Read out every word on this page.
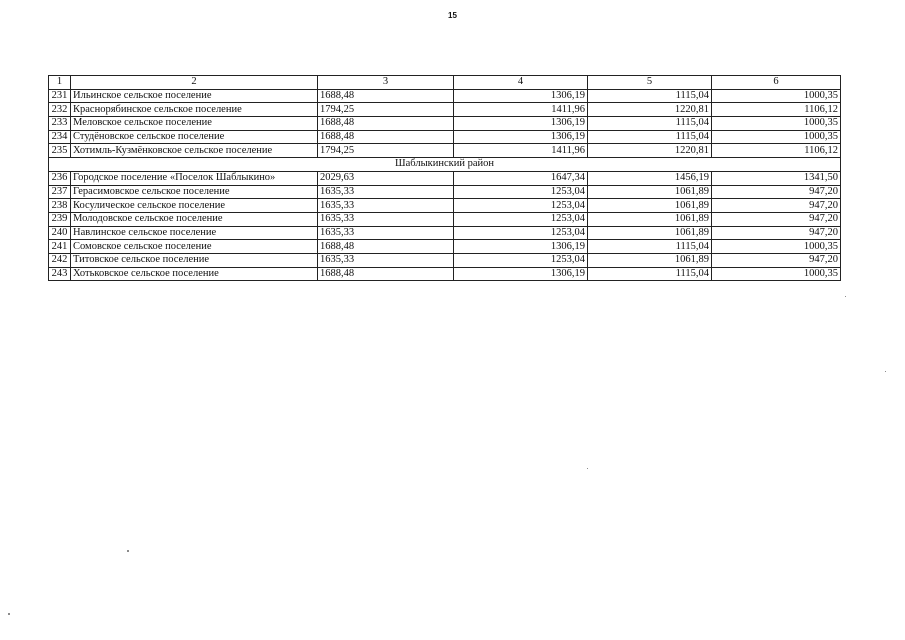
15
1	2	3	4	5	6
231	Ильинское сельское поселение	1688,48	1306,19	1115,04	1000,35
232	Краснорябинское сельское поселение	1794,25	1411,96	1220,81	1106,12
233	Меловское сельское поселение	1688,48	1306,19	1115,04	1000,35
234	Студёновское сельское поселение	1688,48	1306,19	1115,04	1000,35
235	Хотимль-Кузмёнковское сельское поселение	1794,25	1411,96	1220,81	1106,12
Шаблыкинский район					
236	Городское поселение «Поселок Шаблыкино»	2029,63	1647,34	1456,19	1341,50
237	Герасимовское сельское поселение	1635,33	1253,04	1061,89	947,20
238	Косулическое сельское поселение	1635,33	1253,04	1061,89	947,20
239	Молодовское сельское поселение	1635,33	1253,04	1061,89	947,20
240	Навлинское сельское поселение	1635,33	1253,04	1061,89	947,20
241	Сомовское сельское поселение	1688,48	1306,19	1115,04	1000,35
242	Титовское сельское поселение	1635,33	1253,04	1061,89	947,20
243	Хотьковское сельское поселение	1688,48	1306,19	1115,04	1000,35
